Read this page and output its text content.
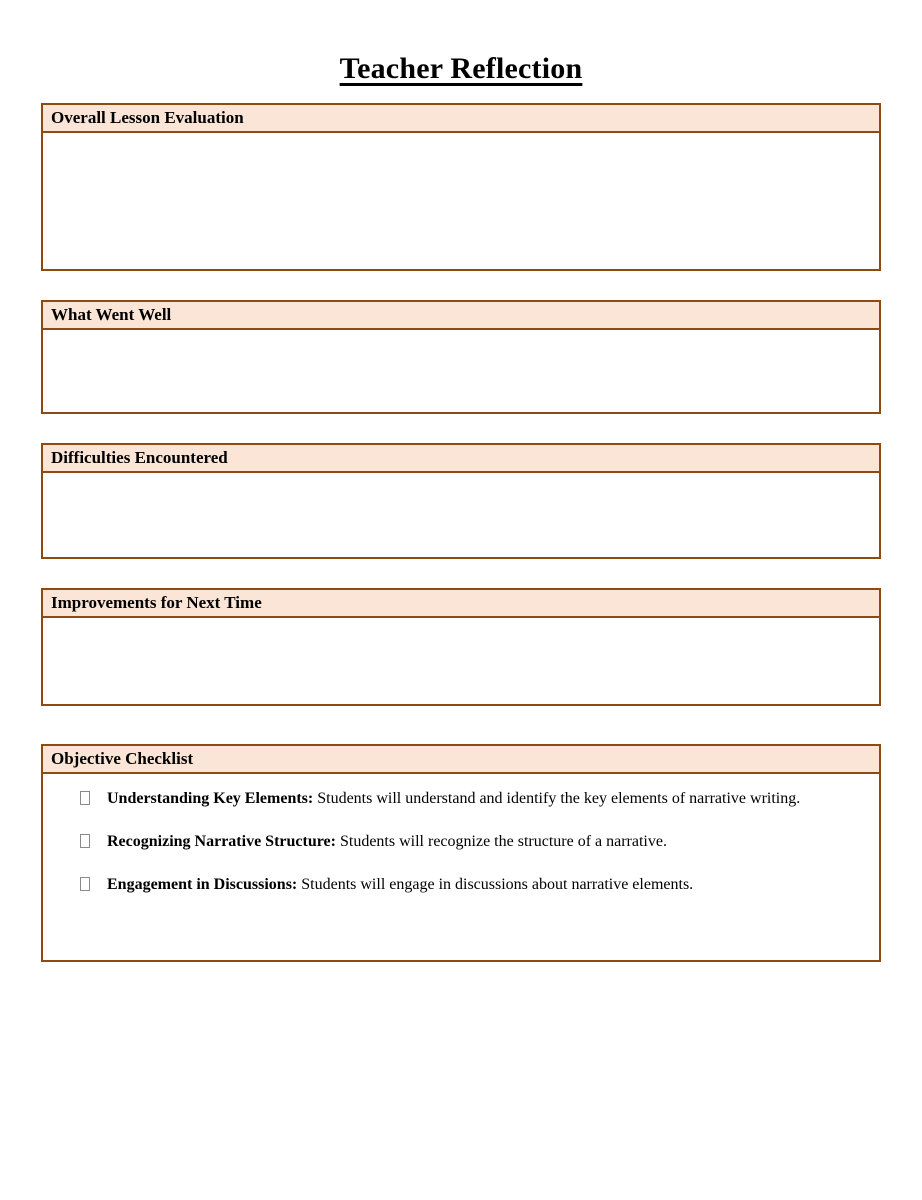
Teacher Reflection
Overall Lesson Evaluation
What Went Well
Difficulties Encountered
Improvements for Next Time
Objective Checklist
Understanding Key Elements: Students will understand and identify the key elements of narrative writing.
Recognizing Narrative Structure: Students will recognize the structure of a narrative.
Engagement in Discussions: Students will engage in discussions about narrative elements.
